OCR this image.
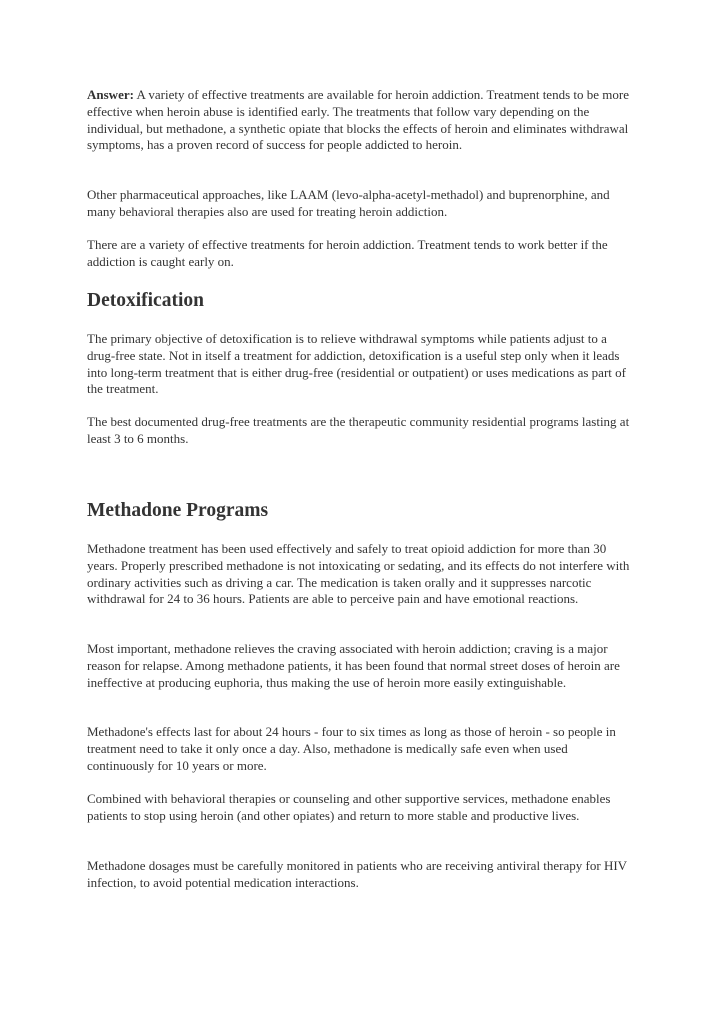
Answer: A variety of effective treatments are available for heroin addiction. Treatment tends to be more effective when heroin abuse is identified early. The treatments that follow vary depending on the individual, but methadone, a synthetic opiate that blocks the effects of heroin and eliminates withdrawal symptoms, has a proven record of success for people addicted to heroin.

Other pharmaceutical approaches, like LAAM (levo-alpha-acetyl-methadol) and buprenorphine, and many behavioral therapies also are used for treating heroin addiction.

There are a variety of effective treatments for heroin addiction. Treatment tends to work better if the addiction is caught early on.

Detoxification

The primary objective of detoxification is to relieve withdrawal symptoms while patients adjust to a drug-free state. Not in itself a treatment for addiction, detoxification is a useful step only when it leads into long-term treatment that is either drug-free (residential or outpatient) or uses medications as part of the treatment.

The best documented drug-free treatments are the therapeutic community residential programs lasting at least 3 to 6 months.

Methadone Programs

Methadone treatment has been used effectively and safely to treat opioid addiction for more than 30 years. Properly prescribed methadone is not intoxicating or sedating, and its effects do not interfere with ordinary activities such as driving a car. The medication is taken orally and it suppresses narcotic withdrawal for 24 to 36 hours. Patients are able to perceive pain and have emotional reactions.

Most important, methadone relieves the craving associated with heroin addiction; craving is a major reason for relapse. Among methadone patients, it has been found that normal street doses of heroin are ineffective at producing euphoria, thus making the use of heroin more easily extinguishable.

Methadone's effects last for about 24 hours - four to six times as long as those of heroin - so people in treatment need to take it only once a day. Also, methadone is medically safe even when used continuously for 10 years or more.

Combined with behavioral therapies or counseling and other supportive services, methadone enables patients to stop using heroin (and other opiates) and return to more stable and productive lives.

Methadone dosages must be carefully monitored in patients who are receiving antiviral therapy for HIV infection, to avoid potential medication interactions.
